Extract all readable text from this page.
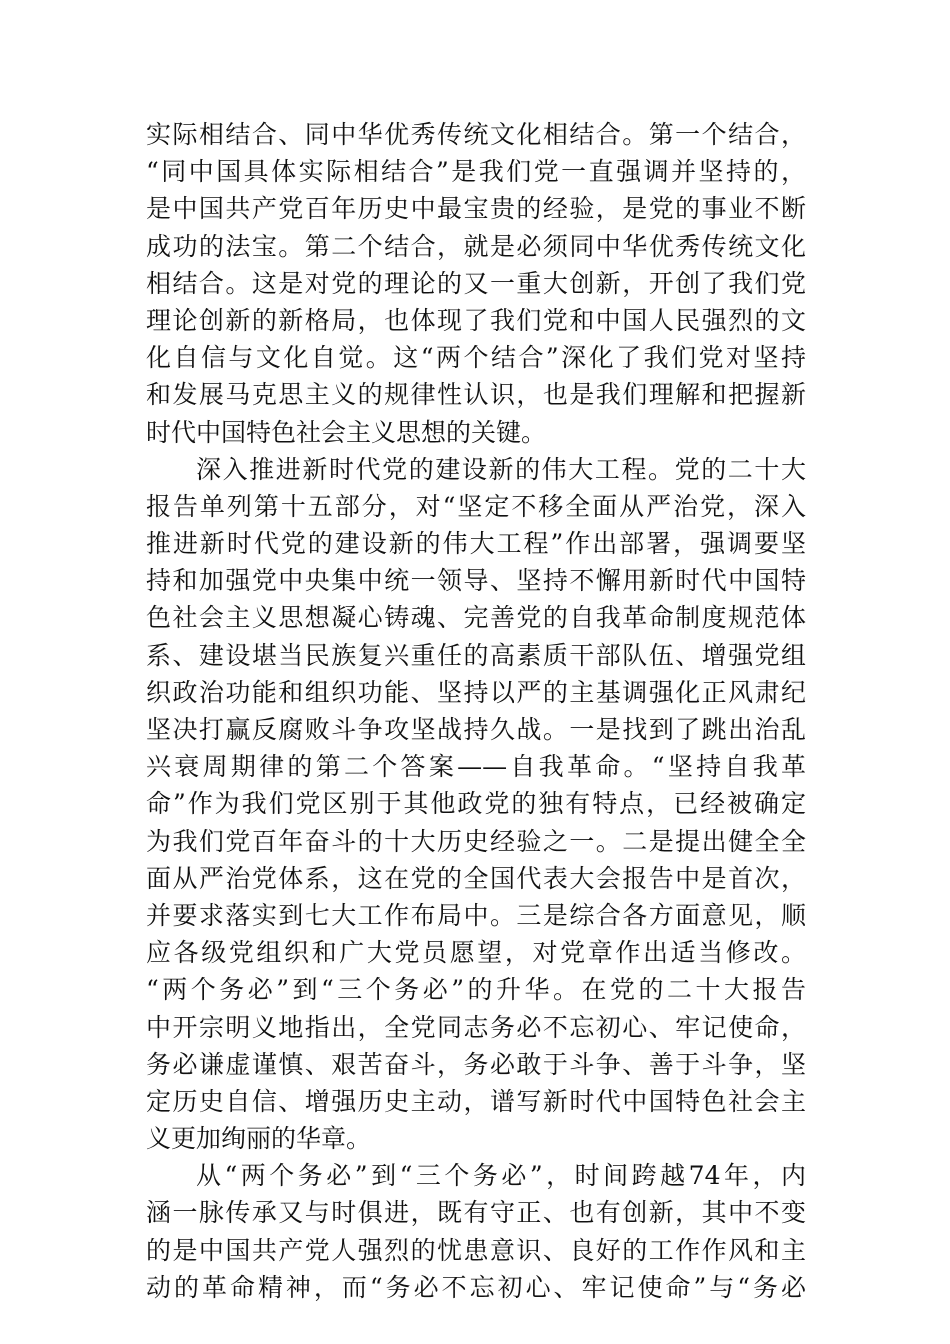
实际相结合、同中华优秀传统文化相结合。第一个结合，
“同中国具体实际相结合”是我们党一直强调并坚持的，
是中国共产党百年历史中最宝贵的经验，是党的事业不断
成功的法宝。第二个结合，就是必须同中华优秀传统文化
相结合。这是对党的理论的又一重大创新，开创了我们党
理论创新的新格局，也体现了我们党和中国人民强烈的文
化自信与文化自觉。这“两个结合”深化了我们党对坚持
和发展马克思主义的规律性认识，也是我们理解和把握新
时代中国特色社会主义思想的关键。
深入推进新时代党的建设新的伟大工程。党的二十大
报告单列第十五部分，对“坚定不移全面从严治党，深入
推进新时代党的建设新的伟大工程”作出部署，强调要坚
持和加强党中央集中统一领导、坚持不懈用新时代中国特
色社会主义思想凝心铸魂、完善党的自我革命制度规范体
系、建设堪当民族复兴重任的高素质干部队伍、增强党组
织政治功能和组织功能、坚持以严的主基调强化正风肃纪
坚决打赢反腐败斗争攻坚战持久战。一是找到了跳出治乱
兴衰周期律的第二个答案——自我革命。“坚持自我革
命”作为我们党区别于其他政党的独有特点，已经被确定
为我们党百年奋斗的十大历史经验之一。二是提出健全全
面从严治党体系，这在党的全国代表大会报告中是首次，
并要求落实到七大工作布局中。三是综合各方面意见，顺
应各级党组织和广大党员愿望，对党章作出适当修改。
“两个务必”到“三个务必”的升华。在党的二十大报告
中开宗明义地指出，全党同志务必不忘初心、牢记使命，
务必谦虚谨慎、艰苦奋斗，务必敢于斗争、善于斗争，坚
定历史自信、增强历史主动，谱写新时代中国特色社会主
义更加绚丽的华章。
从“两个务必”到“三个务必”，时间跨越74年，内
涵一脉传承又与时俱进，既有守正、也有创新，其中不变
的是中国共产党人强烈的忧患意识、良好的工作作风和主
动的革命精神，而“务必不忘初心、牢记使命”与“务必
